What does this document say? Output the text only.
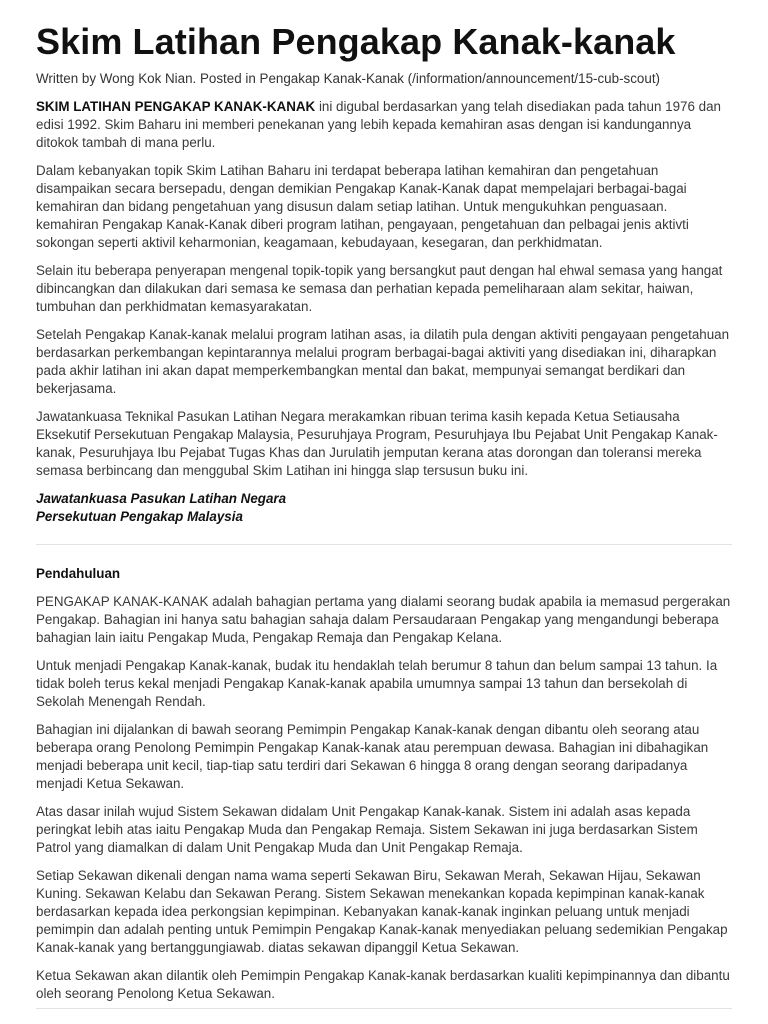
Skim Latihan Pengakap Kanak-kanak
Written by Wong Kok Nian. Posted in Pengakap Kanak-Kanak (/information/announcement/15-cub-scout)

SKIM LATIHAN PENGAKAP KANAK-KANAK ini digubal berdasarkan yang telah disediakan pada tahun 1976 dan edisi 1992. Skim Baharu ini memberi penekanan yang lebih kepada kemahiran asas dengan isi kandungannya ditokok tambah di mana perlu.

Dalam kebanyakan topik Skim Latihan Baharu ini terdapat beberapa latihan kemahiran dan pengetahuan disampaikan secara bersepadu, dengan demikian Pengakap Kanak-Kanak dapat mempelajari berbagai-bagai kemahiran dan bidang pengetahuan yang disusun dalam setiap latihan. Untuk mengukuhkan penguasaan. kemahiran Pengakap Kanak-Kanak diberi program latihan, pengayaan, pengetahuan dan pelbagai jenis aktivti sokongan seperti aktivil keharmonian, keagamaan, kebudayaan, kesegaran, dan perkhidmatan.

Selain itu beberapa penyerapan mengenal topik-topik yang bersangkut paut dengan hal ehwal semasa yang hangat dibincangkan dan dilakukan dari semasa ke semasa dan perhatian kepada pemeliharaan alam sekitar, haiwan, tumbuhan dan perkhidmatan kemasyarakatan.

Setelah Pengakap Kanak-kanak melalui program latihan asas, ia dilatih pula dengan aktiviti pengayaan pengetahuan berdasarkan perkembangan kepintarannya melalui program berbagai-bagai aktiviti yang disediakan ini, diharapkan pada akhir latihan ini akan dapat memperkembangkan mental dan bakat, mempunyai semangat berdikari dan bekerjasama.

Jawatankuasa Teknikal Pasukan Latihan Negara merakamkan ribuan terima kasih kepada Ketua Setiausaha Eksekutif Persekutuan Pengakap Malaysia, Pesuruhjaya Program, Pesuruhjaya Ibu Pejabat Unit Pengakap Kanak-kanak, Pesuruhjaya Ibu Pejabat Tugas Khas dan Jurulatih jemputan kerana atas dorongan dan toleransi mereka semasa berbincang dan menggubal Skim Latihan ini hingga slap tersusun buku ini.

Jawatankuasa Pasukan Latihan Negara
Persekutuan Pengakap Malaysia
Pendahuluan

PENGAKAP KANAK-KANAK adalah bahagian pertama yang dialami seorang budak apabila ia memasud pergerakan Pengakap. Bahagian ini hanya satu bahagian sahaja dalam Persaudaraan Pengakap yang mengandungi beberapa bahagian lain iaitu Pengakap Muda, Pengakap Remaja dan Pengakap Kelana.

Untuk menjadi Pengakap Kanak-kanak, budak itu hendaklah telah berumur 8 tahun dan belum sampai 13 tahun. Ia tidak boleh terus kekal menjadi Pengakap Kanak-kanak apabila umumnya sampai 13 tahun dan bersekolah di Sekolah Menengah Rendah.

Bahagian ini dijalankan di bawah seorang Pemimpin Pengakap Kanak-kanak dengan dibantu oleh seorang atau beberapa orang Penolong Pemimpin Pengakap Kanak-kanak atau perempuan dewasa. Bahagian ini dibahagikan menjadi beberapa unit kecil, tiap-tiap satu terdiri dari Sekawan 6 hingga 8 orang dengan seorang daripadanya menjadi Ketua Sekawan.

Atas dasar inilah wujud Sistem Sekawan didalam Unit Pengakap Kanak-kanak. Sistem ini adalah asas kepada peringkat lebih atas iaitu Pengakap Muda dan Pengakap Remaja. Sistem Sekawan ini juga berdasarkan Sistem Patrol yang diamalkan di dalam Unit Pengakap Muda dan Unit Pengakap Remaja.

Setiap Sekawan dikenali dengan nama wama seperti Sekawan Biru, Sekawan Merah, Sekawan Hijau, Sekawan Kuning. Sekawan Kelabu dan Sekawan Perang. Sistem Sekawan menekankan kopada kepimpinan kanak-kanak berdasarkan kepada idea perkongsian kepimpinan. Kebanyakan kanak-kanak inginkan peluang untuk menjadi pemimpin dan adalah penting untuk Pemimpin Pengakap Kanak-kanak menyediakan peluang sedemikian Pengakap Kanak-kanak yang bertanggungiawab. diatas sekawan dipanggil Ketua Sekawan.

Ketua Sekawan akan dilantik oleh Pemimpin Pengakap Kanak-kanak berdasarkan kualiti kepimpinannya dan dibantu oleh seorang Penolong Ketua Sekawan.
